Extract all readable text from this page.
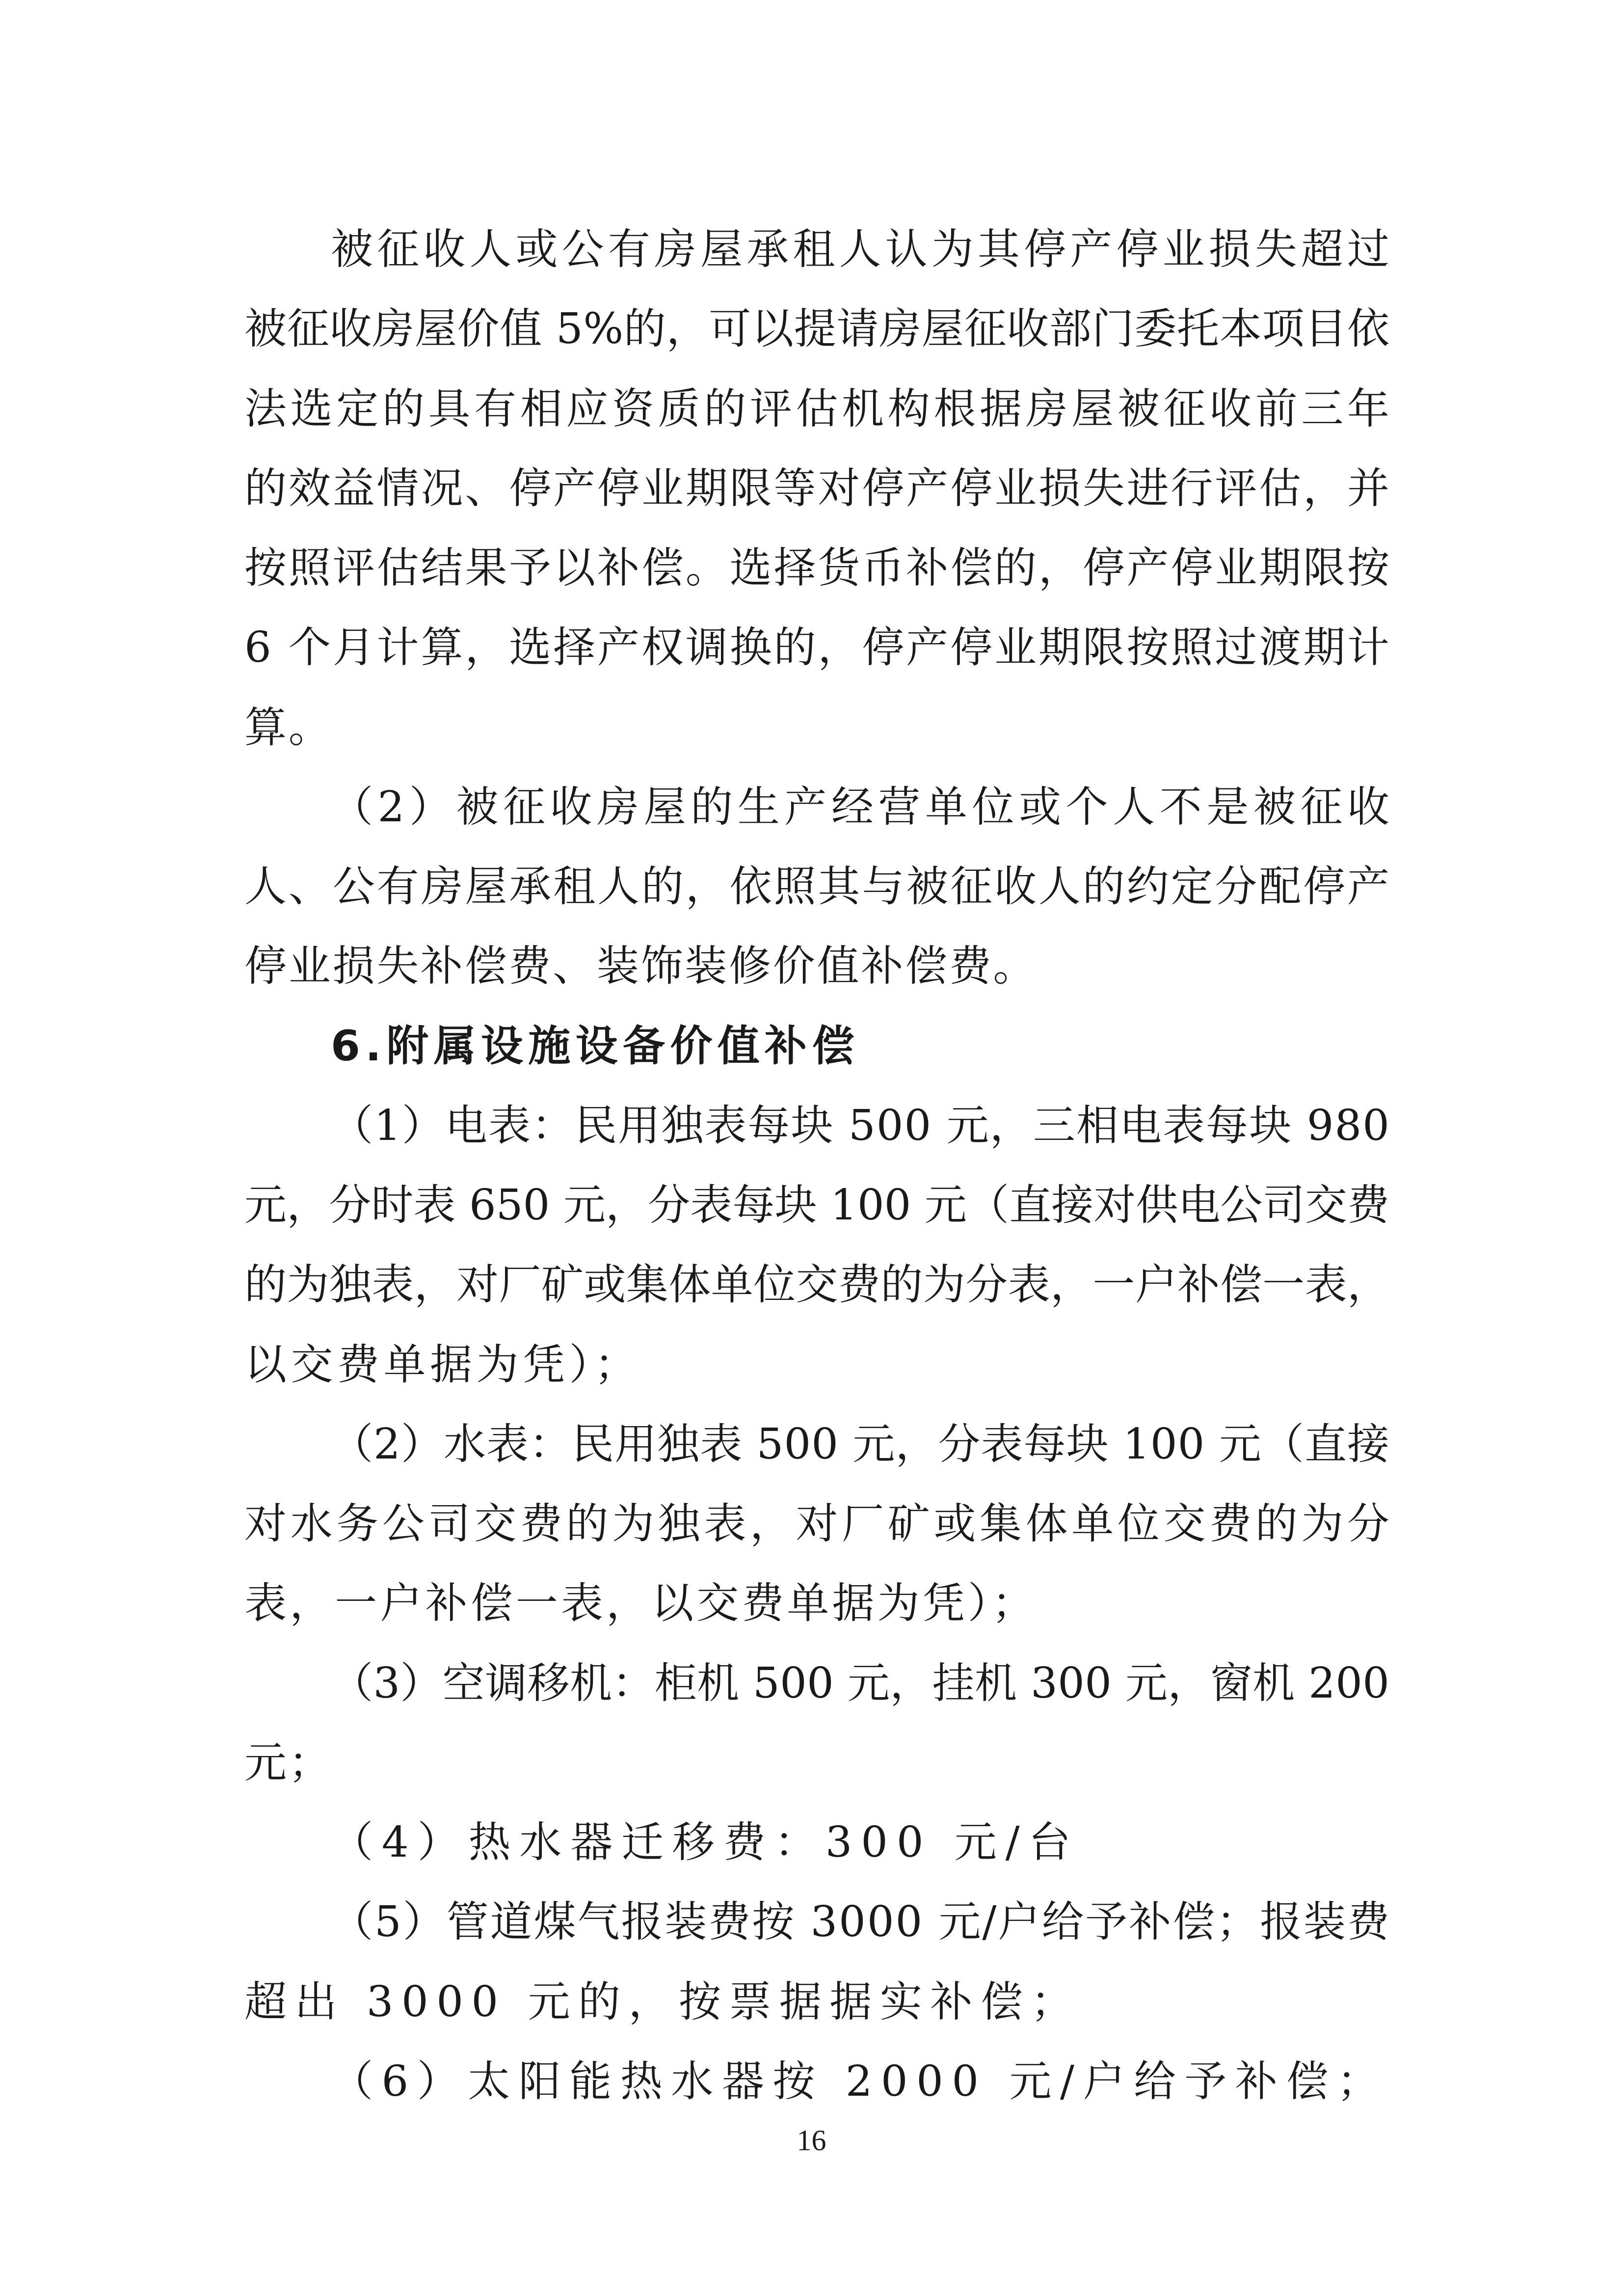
被征收人或公有房屋承租人认为其停产停业损失超过
被征收房屋价值 5%的，可以提请房屋征收部门委托本项目依
法选定的具有相应资质的评估机构根据房屋被征收前三年
的效益情况、停产停业期限等对停产停业损失进行评估，并
按照评估结果予以补偿。选择货币补偿的，停产停业期限按
6 个月计算，选择产权调换的，停产停业期限按照过渡期计
算。
（2）被征收房屋的生产经营单位或个人不是被征收
人、公有房屋承租人的，依照其与被征收人的约定分配停产
停业损失补偿费、装饰装修价值补偿费。
6.附属设施设备价值补偿
（1）电表：民用独表每块 500 元，三相电表每块 980
元，分时表 650 元，分表每块 100 元（直接对供电公司交费
的为独表，对厂矿或集体单位交费的为分表，一户补偿一表，
以交费单据为凭）；
（2）水表：民用独表 500 元，分表每块 100 元（直接
对水务公司交费的为独表，对厂矿或集体单位交费的为分
表，一户补偿一表，以交费单据为凭）；
（3）空调移机：柜机 500 元，挂机 300 元，窗机 200
元；
（4）热水器迁移费：300 元/台
（5）管道煤气报装费按 3000 元/户给予补偿；报装费
超出 3000 元的，按票据据实补偿；
（6）太阳能热水器按 2000 元/户给予补偿；
16
